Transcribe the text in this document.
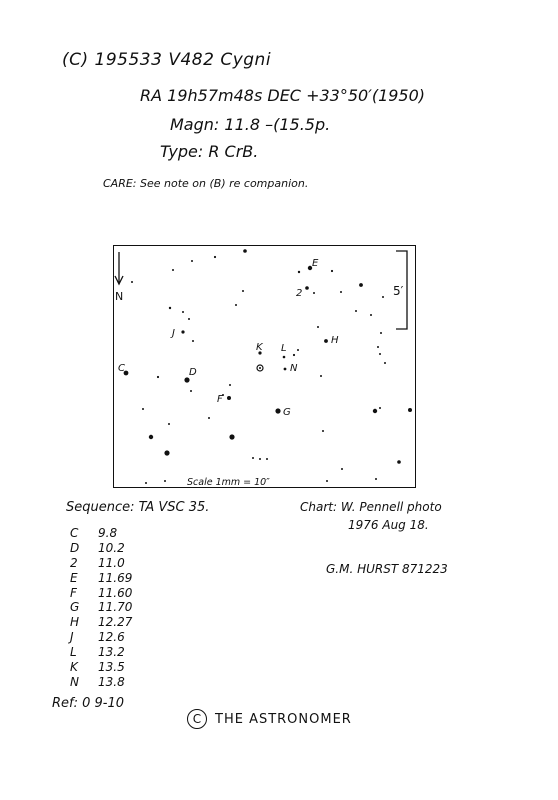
(C) 195533 V482 Cygni
RA 19h57m48s DEC +33°50′(1950)
Magn: 11.8 –(15.5p.
Type: R CrB.
CARE: See note on (B) re companion.
N	5′
E
2
J
K L
H
C	D	N
F
G
Scale 1mm = 10″
Sequence: TA VSC 35.
C	9.8
D	10.2
2	11.0
E	11.69
F	11.60
G	11.70
H	12.27
J	12.6
L	13.2
K	13.5
N	13.8
Chart: W. Pennell photo
1976 Aug 18.
G.M. HURST 871223
Ref: 0 9-10
C THE ASTRONOMER
